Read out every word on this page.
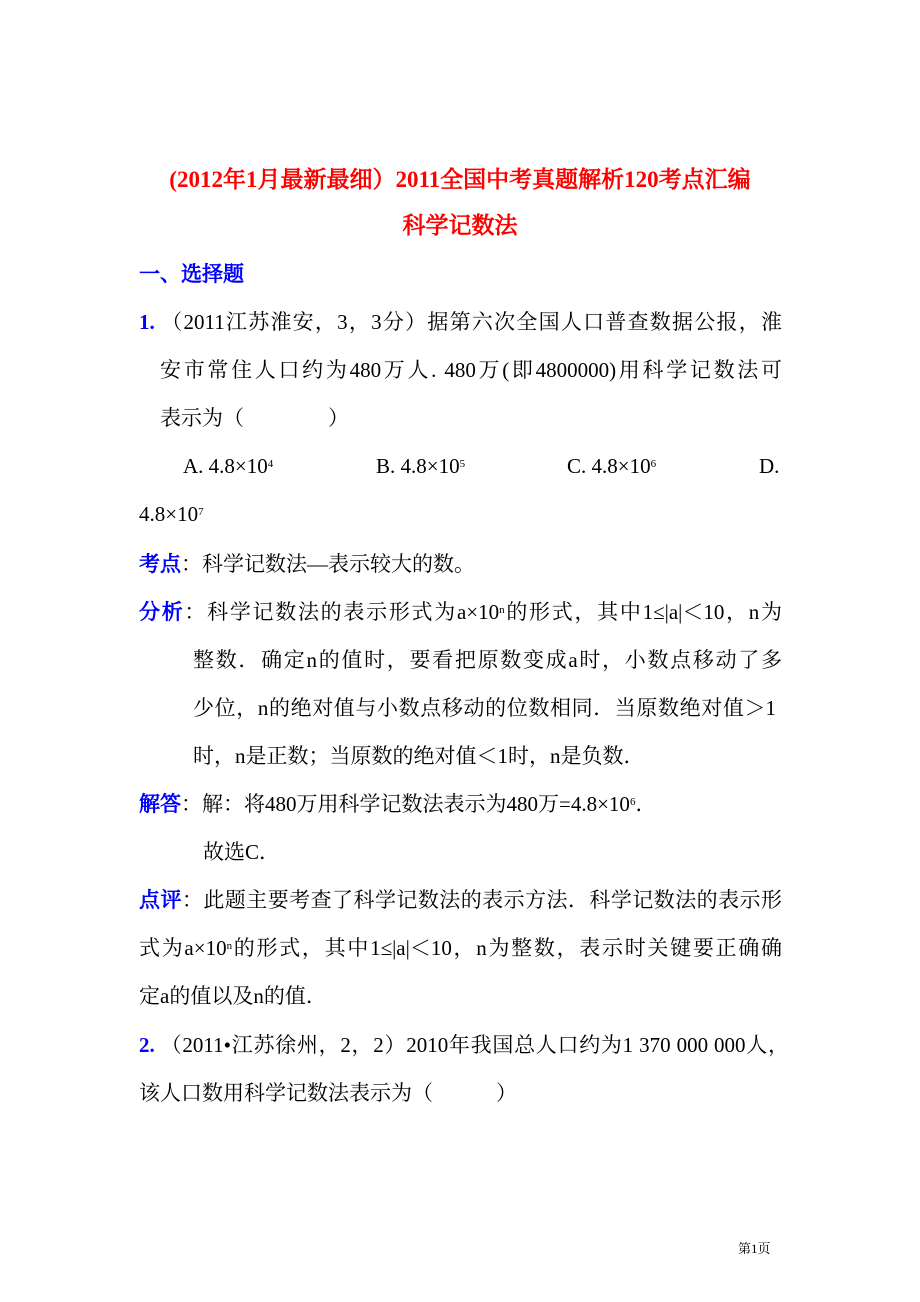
(2012年1月最新最细）2011全国中考真题解析120考点汇编
科学记数法
一、选择题
1. （2011江苏淮安，3，3分）据第六次全国人口普查数据公报，淮
安市常住人口约为480万人. 480万(即4800000)用科学记数法可
表示为（　　　　）
A. $4.8\times 10^4$	B. $4.8\times 10^5$	C. $4.8\times 10^6$	D.
$4.8\times 10^7$
考点：科学记数法—表示较大的数。
分析：科学记数法的表示形式为$a\times 10^n$的形式，其中1≤|a|＜10，n为
整数．确定n的值时，要看把原数变成a时，小数点移动了多
少位，n的绝对值与小数点移动的位数相同．当原数绝对值＞1
时，n是正数；当原数的绝对值＜1时，n是负数．
解答：解：将480万用科学记数法表示为480万$=4.8\times 10^6$．
故选C．
点评：此题主要考查了科学记数法的表示方法．科学记数法的表示形
式为$a\times 10^n$的形式，其中1≤|a|＜10，n为整数，表示时关键要正确确
定a的值以及n的值．
2. （2011•江苏徐州，2，2）2010年我国总人口约为1 370 000 000人，
该人口数用科学记数法表示为（　　　）
第1页
